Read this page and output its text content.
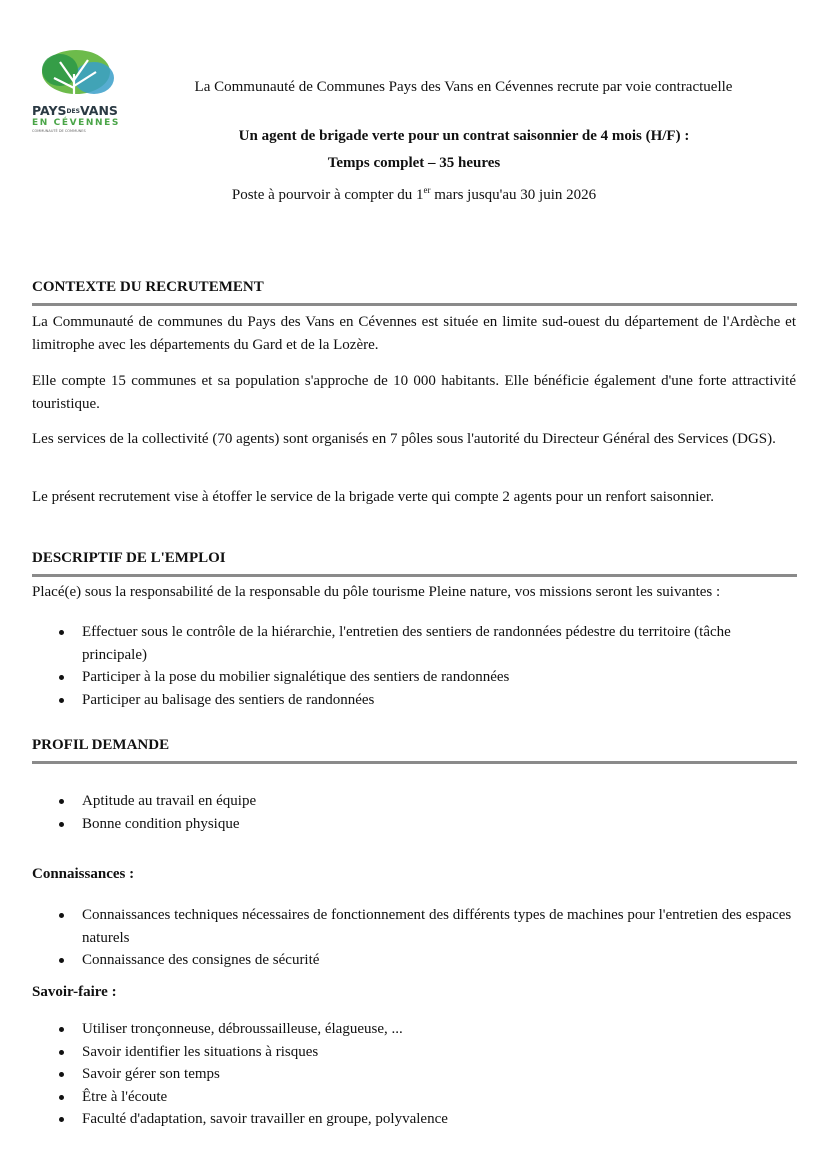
PAYSDESVANS
EN CÉVENNES
COMMUNAUTÉ DE COMMUNES
La Communauté de Communes Pays des Vans en Cévennes recrute par voie contractuelle
Un agent de brigade verte pour un contrat saisonnier de 4 mois (H/F) :
Temps complet – 35 heures
Poste à pourvoir à compter du 1er mars jusqu'au 30 juin 2026
CONTEXTE DU RECRUTEMENT
La Communauté de communes du Pays des Vans en Cévennes est située en limite sud-ouest du département de l'Ardèche et limitrophe avec les départements du Gard et de la Lozère.
Elle compte 15 communes et sa population s'approche de 10 000 habitants. Elle bénéficie également d'une forte attractivité touristique.
Les services de la collectivité (70 agents) sont organisés en 7 pôles sous l'autorité du Directeur Général des Services (DGS).
Le présent recrutement vise à étoffer le service de la brigade verte qui compte 2 agents pour un renfort saisonnier.
DESCRIPTIF DE L'EMPLOI
Placé(e) sous la responsabilité de la responsable du pôle tourisme Pleine nature, vos missions seront les suivantes :
Effectuer sous le contrôle de la hiérarchie, l'entretien des sentiers de randonnées pédestre du territoire (tâche principale)
Participer à la pose du mobilier signalétique des sentiers de randonnées
Participer au balisage des sentiers de randonnées
PROFIL DEMANDE
Aptitude au travail en équipe
Bonne condition physique
Connaissances :
Connaissances techniques nécessaires de fonctionnement des différents types de machines pour l'entretien des espaces naturels
Connaissance des consignes de sécurité
Savoir-faire :
Utiliser tronçonneuse, débroussailleuse, élagueuse, ...
Savoir identifier les situations à risques
Savoir gérer son temps
Être à l'écoute
Faculté d'adaptation, savoir travailler en groupe, polyvalence
